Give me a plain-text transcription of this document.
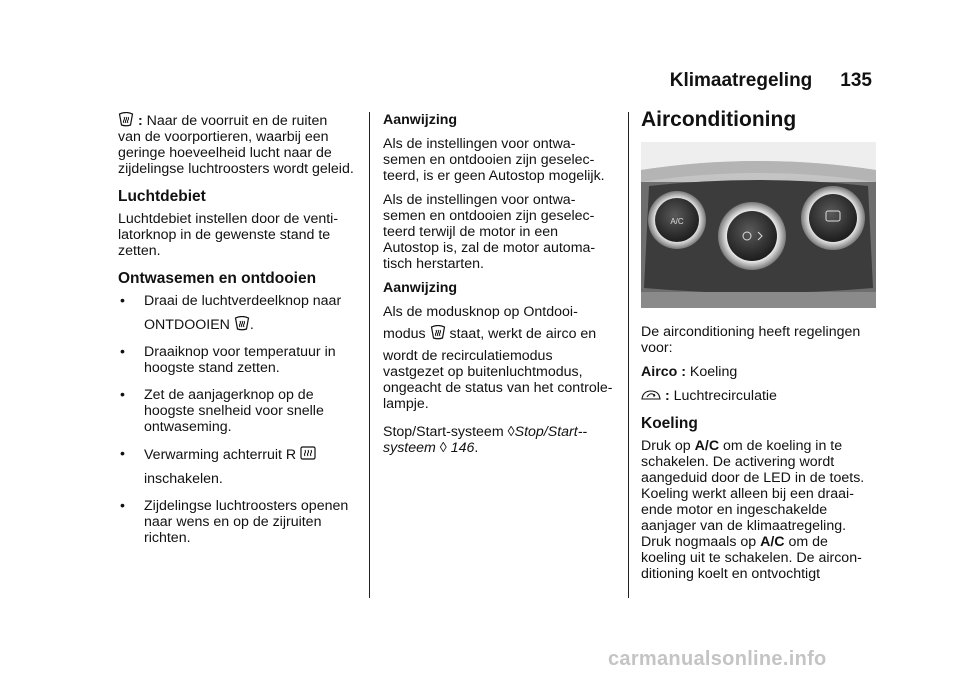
Klimaatregeling 135

: Naar de voorruit en de ruiten van de voorportieren, waarbij een geringe hoeveelheid lucht naar de zijdelingse luchtroosters wordt geleid.

Luchtdebiet

Luchtdebiet instellen door de venti-latorknop in de gewenste stand te zetten.

Ontwasemen en ontdooien
• Draai de luchtverdeelknop naar
ONTDOOIEN .
• Draaiknop voor temperatuur in hoogste stand zetten.
• Zet de aanjagerknop op de hoogste snelheid voor snelle ontwaseming.
• Verwarming achterruit R
inschakelen.
• Zijdelingse luchtroosters openen naar wens en op de zijruiten richten.

Aanwijzing

Als de instellingen voor ontwa-semen en ontdooien zijn geselec-teerd, is er geen Autostop mogelijk.

Als de instellingen voor ontwa-semen en ontdooien zijn geselec-teerd terwijl de motor in een Autostop is, zal de motor automa-tisch herstarten.

Aanwijzing

Als de modusknop op Ontdooi-
modus staat, werkt de airco en
wordt de recirculatiemodus vastgezet op buitenluchtmodus, ongeacht de status van het controle-lampje.

Stop/Start-systeem ◊Stop/Start--
systeem ◊ 146.

Airconditioning
A/C

De airconditioning heeft regelingen voor:

Airco : Koeling

: Luchtrecirculatie

Koeling

Druk op A/C om de koeling in te schakelen. De activering wordt aangeduid door de LED in de toets. Koeling werkt alleen bij een draai-ende motor en ingeschakelde aanjager van de klimaatregeling. Druk nogmaals op A/C om de koeling uit te schakelen. De aircon-ditioning koelt en ontvochtigt

carmanualsonline.info
